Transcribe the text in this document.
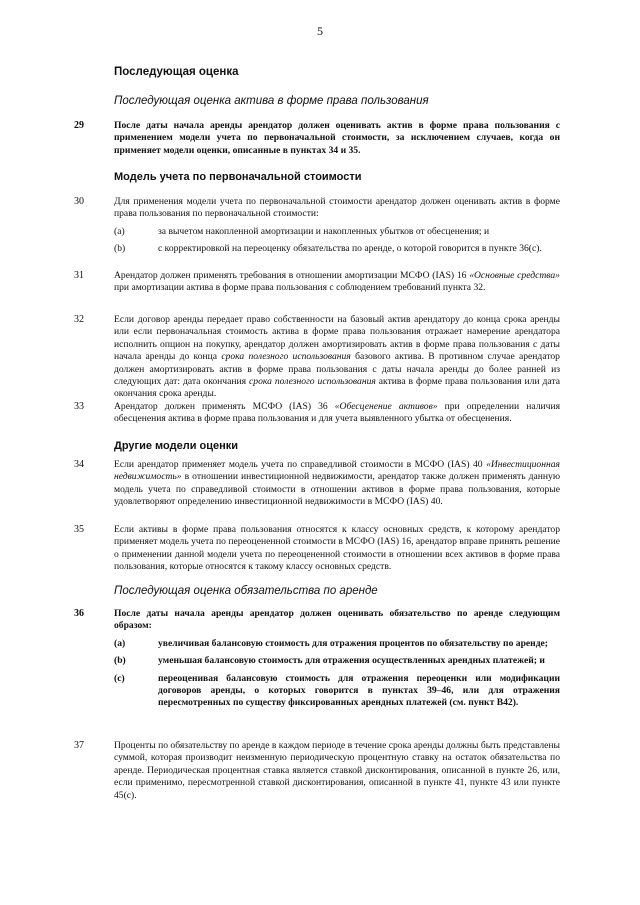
5
Последующая оценка
Последующая оценка актива в форме права пользования
29	После даты начала аренды арендатор должен оценивать актив в форме права пользования с применением модели учета по первоначальной стоимости, за исключением случаев, когда он применяет модели оценки, описанные в пунктах 34 и 35.
Модель учета по первоначальной стоимости
30	Для применения модели учета по первоначальной стоимости арендатор должен оценивать актив в форме права пользования по первоначальной стоимости:
(a)	за вычетом накопленной амортизации и накопленных убытков от обесценения; и
(b)	с корректировкой на переоценку обязательства по аренде, о которой говорится в пункте 36(c).
31	Арендатор должен применять требования в отношении амортизации МСФО (IAS) 16 «Основные средства» при амортизации актива в форме права пользования с соблюдением требований пункта 32.
32	Если договор аренды передает право собственности на базовый актив арендатору до конца срока аренды или если первоначальная стоимость актива в форме права пользования отражает намерение арендатора исполнить опцион на покупку, арендатор должен амортизировать актив в форме права пользования с даты начала аренды до конца срока полезного использования базового актива. В противном случае арендатор должен амортизировать актив в форме права пользования с даты начала аренды до более ранней из следующих дат: дата окончания срока полезного использования актива в форме права пользования или дата окончания срока аренды.
33	Арендатор должен применять МСФО (IAS) 36 «Обесценение активов» при определении наличия обесценения актива в форме права пользования и для учета выявленного убытка от обесценения.
Другие модели оценки
34	Если арендатор применяет модель учета по справедливой стоимости в МСФО (IAS) 40 «Инвестиционная недвижимость» в отношении инвестиционной недвижимости, арендатор также должен применять данную модель учета по справедливой стоимости в отношении активов в форме права пользования, которые удовлетворяют определению инвестиционной недвижимости в МСФО (IAS) 40.
35	Если активы в форме права пользования относятся к классу основных средств, к которому арендатор применяет модель учета по переоцененной стоимости в МСФО (IAS) 16, арендатор вправе принять решение о применении данной модели учета по переоцененной стоимости в отношении всех активов в форме права пользования, которые относятся к такому классу основных средств.
Последующая оценка обязательства по аренде
36	После даты начала аренды арендатор должен оценивать обязательство по аренде следующим образом:
(a)	увеличивая балансовую стоимость для отражения процентов по обязательству по аренде;
(b)	уменьшая балансовую стоимость для отражения осуществленных арендных платежей; и
(c)	переоценивая балансовую стоимость для отражения переоценки или модификации договоров аренды, о которых говорится в пунктах 39–46, или для отражения пересмотренных по существу фиксированных арендных платежей (см. пункт B42).
37	Проценты по обязательству по аренде в каждом периоде в течение срока аренды должны быть представлены суммой, которая производит неизменную периодическую процентную ставку на остаток обязательства по аренде. Периодическая процентная ставка является ставкой дисконтирования, описанной в пункте 26, или, если применимо, пересмотренной ставкой дисконтирования, описанной в пункте 41, пункте 43 или пункте 45(c).
